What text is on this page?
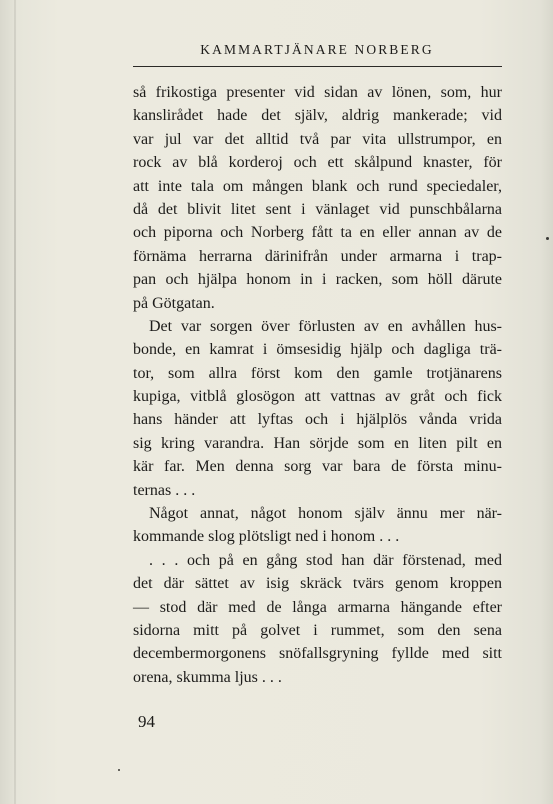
KAMMARTJÄNARE NORBERG
så frikostiga presenter vid sidan av lönen, som, hur
kanslirådet hade det själv, aldrig mankerade; vid
var jul var det alltid två par vita ullstrumpor, en
rock av blå korderoj och ett skålpund knaster, för
att inte tala om mången blank och rund speciedaler,
då det blivit litet sent i vänlaget vid punschbålarna
och piporna och Norberg fått ta en eller annan av de
förnäma herrarna därinifrån under armarna i trap-
pan och hjälpa honom in i racken, som höll därute
på Götgatan.
Det var sorgen över förlusten av en avhållen hus-
bonde, en kamrat i ömsesidig hjälp och dagliga trä-
tor, som allra först kom den gamle trotjänarens
kupiga, vitblå glosögon att vattnas av gråt och fick
hans händer att lyftas och i hjälplös vånda vrida
sig kring varandra. Han sörjde som en liten pilt en
kär far. Men denna sorg var bara de första minu-
ternas . . .
Något annat, något honom själv ännu mer när-
kommande slog plötsligt ned i honom . . .
. . . och på en gång stod han där förstenad, med
det där sättet av isig skräck tvärs genom kroppen
— stod där med de långa armarna hängande efter
sidorna mitt på golvet i rummet, som den sena
decembermorgonens snöfallsgryning fyllde med sitt
orena, skumma ljus . . .
94
